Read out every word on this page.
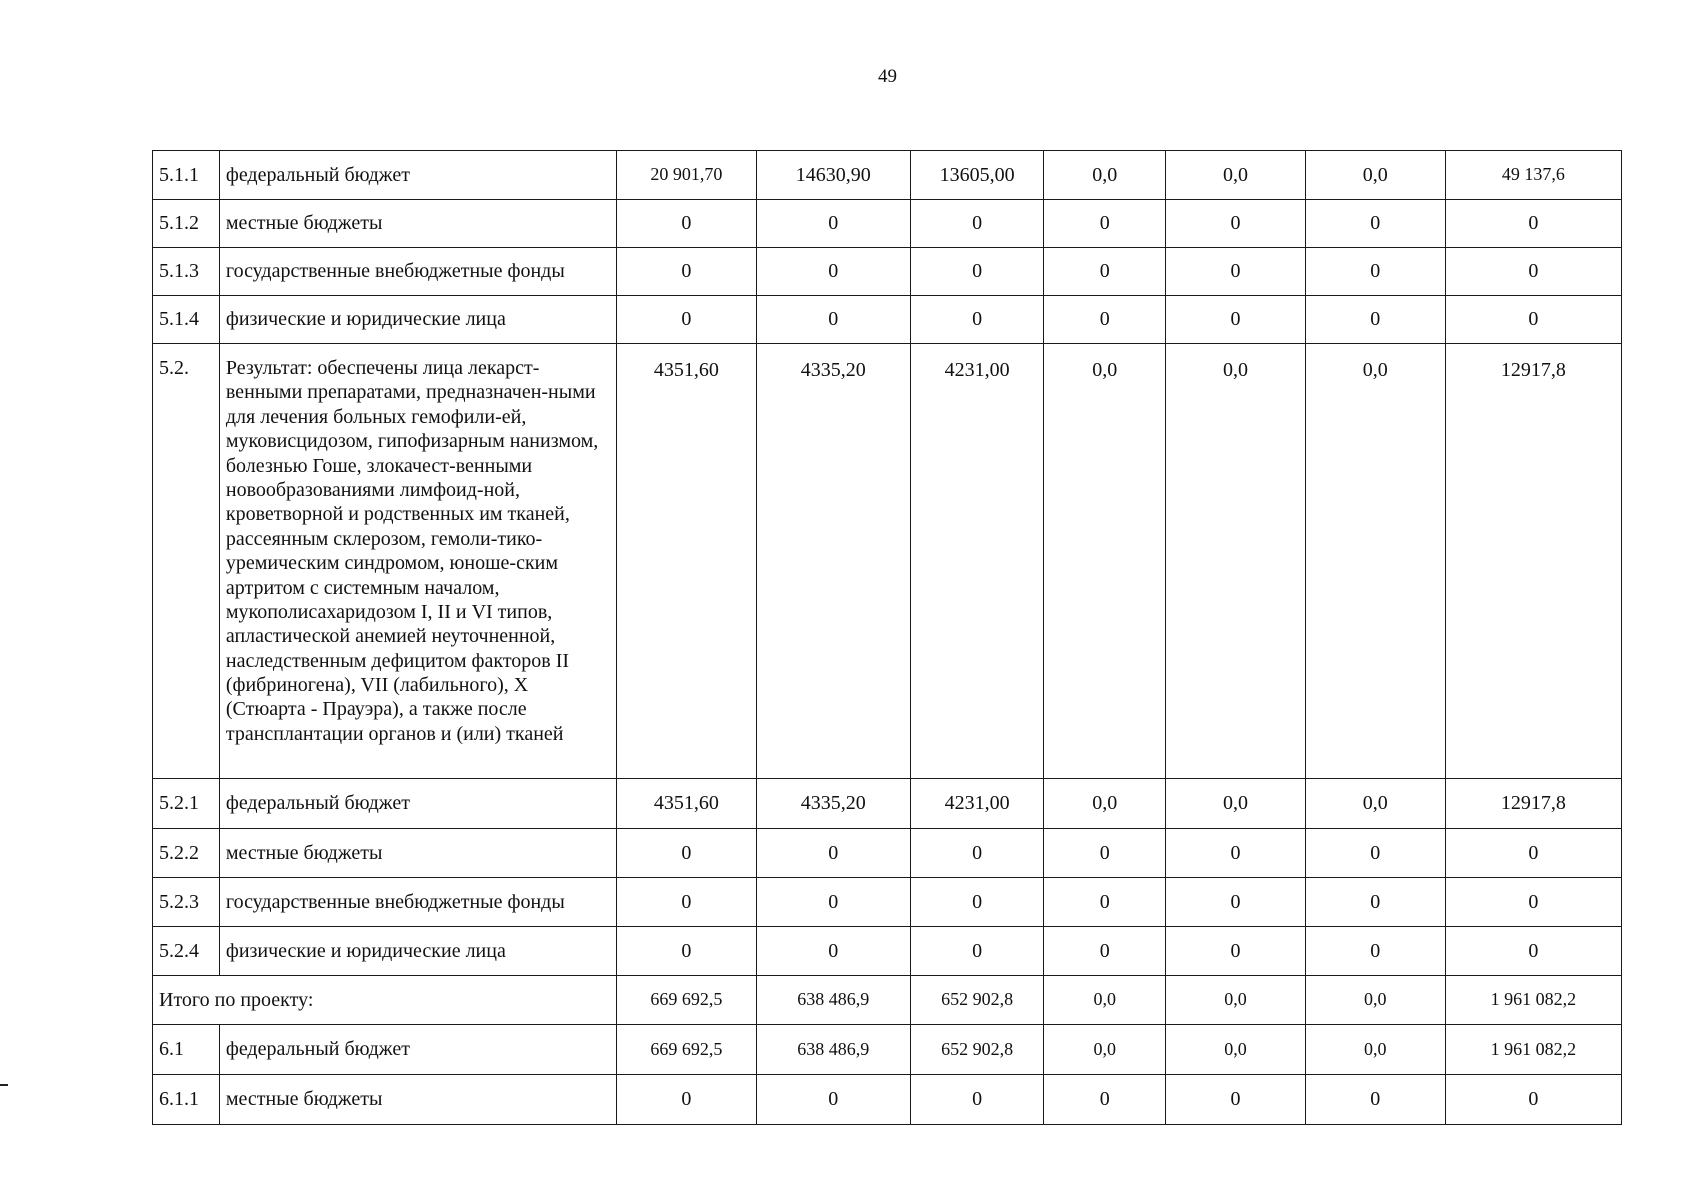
49
5.1.1	федеральный бюджет	20 901,70	14630,90	13605,00	0,0	0,0	0,0	49 137,6
5.1.2	местные бюджеты	0	0	0	0	0	0	0
5.1.3	государственные внебюджетные фонды	0	0	0	0	0	0	0
5.1.4	физические и юридические лица	0	0	0	0	0	0	0
5.2.	Результат: обеспечены лица лекарст-венными препаратами, предназначен-ными для лечения больных гемофили-ей, муковисцидозом, гипофизарным нанизмом, болезнью Гоше, злокачест-венными новообразованиями лимфоид-ной, кроветворной и родственных им тканей, рассеянным склерозом, гемоли-тико-уремическим синдромом, юноше-ским артритом с системным началом, мукополисахаридозом I, II и VI типов, апластической анемией неуточненной, наследственным дефицитом факторов II (фибриногена), VII (лабильного), X (Стюарта - Прауэра), а также после трансплантации органов и (или) тканей	4351,60	4335,20	4231,00	0,0	0,0	0,0	12917,8
5.2.1	федеральный бюджет	4351,60	4335,20	4231,00	0,0	0,0	0,0	12917,8
5.2.2	местные бюджеты	0	0	0	0	0	0	0
5.2.3	государственные внебюджетные фонды	0	0	0	0	0	0	0
5.2.4	физические и юридические лица	0	0	0	0	0	0	0
Итого по проекту:		669 692,5	638 486,9	652 902,8	0,0	0,0	0,0	1 961 082,2
6.1	федеральный бюджет	669 692,5	638 486,9	652 902,8	0,0	0,0	0,0	1 961 082,2
6.1.1	местные бюджеты	0	0	0	0	0	0	0
